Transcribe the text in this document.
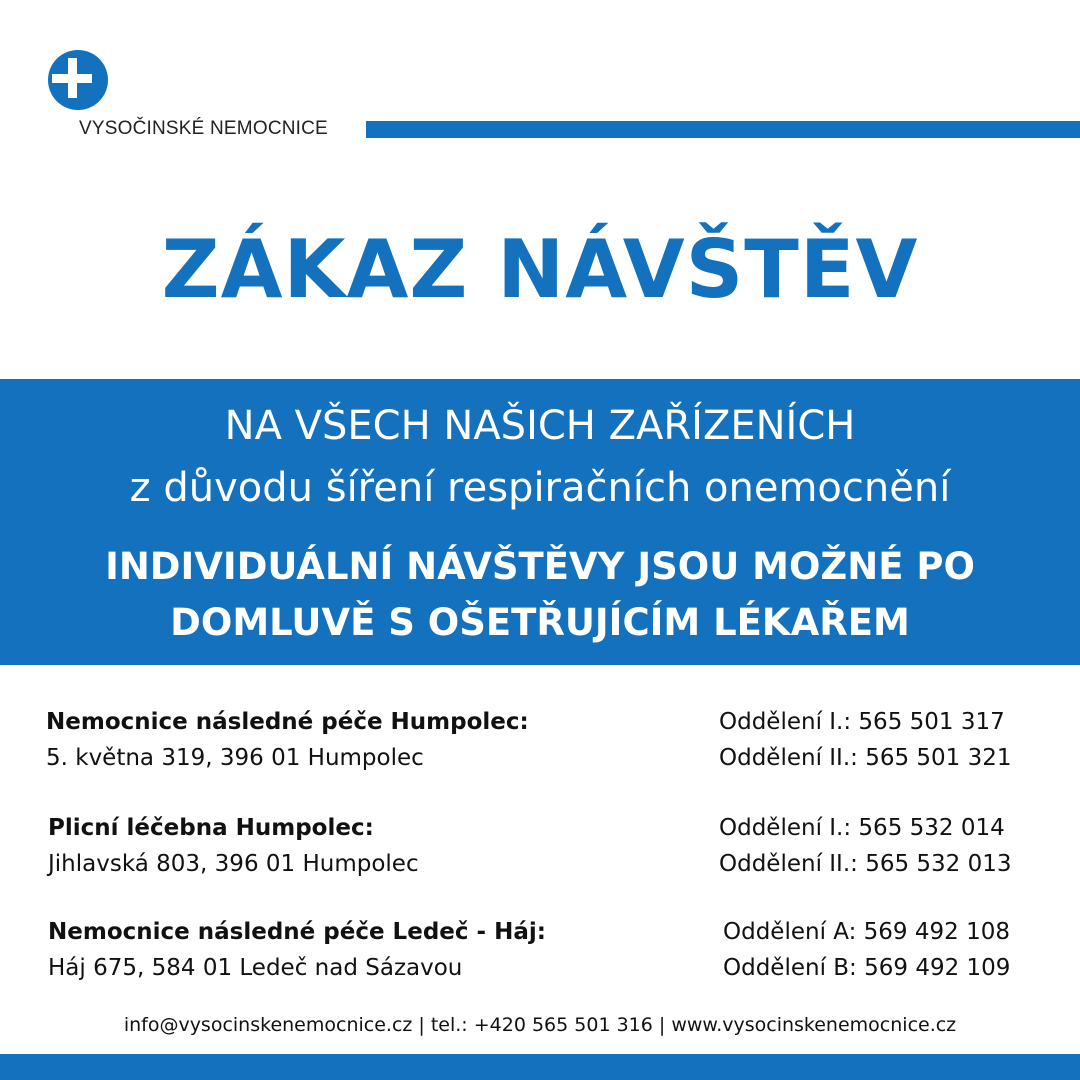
VYSOČINSKÉ NEMOCNICE
ZÁKAZ NÁVŠTĚV
NA VŠECH NAŠICH ZAŘÍZENÍCH
z důvodu šíření respiračních onemocnění
INDIVIDUÁLNÍ NÁVŠTĚVY JSOU MOŽNÉ PO
DOMLUVĚ S OŠETŘUJÍCÍM LÉKAŘEM
Nemocnice následné péče Humpolec:
5. května 319, 396 01 Humpolec
Oddělení I.: 565 501 317
Oddělení II.: 565 501 321
Plicní léčebna Humpolec:
Jihlavská 803, 396 01 Humpolec
Oddělení I.: 565 532 014
Oddělení II.: 565 532 013
Nemocnice následné péče Ledeč - Háj:
Háj 675, 584 01 Ledeč nad Sázavou
Oddělení A: 569 492 108
Oddělení B: 569 492 109
info@vysocinskenemocnice.cz | tel.: +420 565 501 316 | www.vysocinskenemocnice.cz
